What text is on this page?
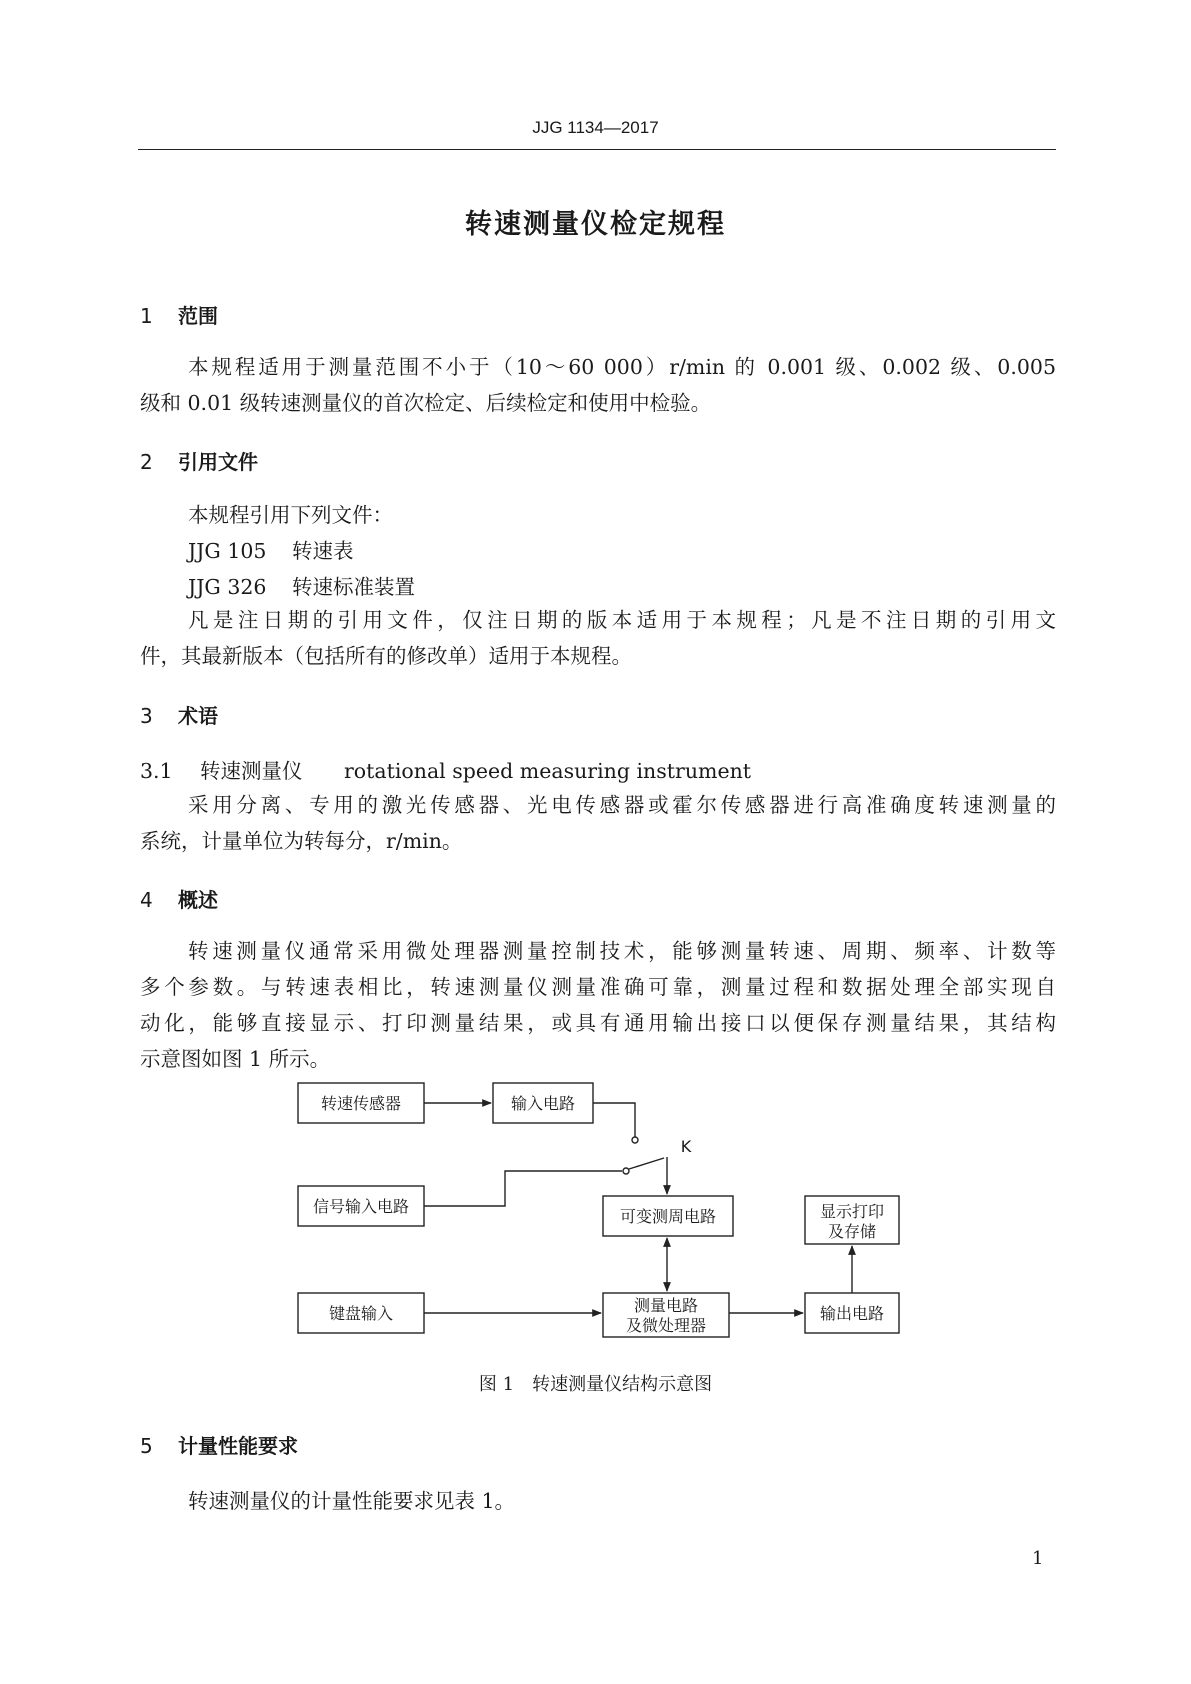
JJG 1134—2017
转速测量仪检定规程
1 范围
本规程适用于测量范围不小于（10～60 000）r/min 的 0.001 级、0.002 级、0.005
级和 0.01 级转速测量仪的首次检定、后续检定和使用中检验。
2 引用文件
本规程引用下列文件：
JJG 105 转速表
JJG 326 转速标准装置
凡是注日期的引用文件，仅注日期的版本适用于本规程；凡是不注日期的引用文
件，其最新版本（包括所有的修改单）适用于本规程。
3 术语
3.1 转速测量仪 rotational speed measuring instrument
采用分离、专用的激光传感器、光电传感器或霍尔传感器进行高准确度转速测量的
系统，计量单位为转每分，r/min。
4 概述
转速测量仪通常采用微处理器测量控制技术，能够测量转速、周期、频率、计数等
多个参数。与转速表相比，转速测量仪测量准确可靠，测量过程和数据处理全部实现自
动化，能够直接显示、打印测量结果，或具有通用输出接口以便保存测量结果，其结构
示意图如图 1 所示。
转速传感器	输入电路
信号输入电路
可变测周电路	显示打印
及存储
键盘输入	测量电路
及微处理器
输出电路
K
图 1　转速测量仪结构示意图
5 计量性能要求
转速测量仪的计量性能要求见表 1。
1
